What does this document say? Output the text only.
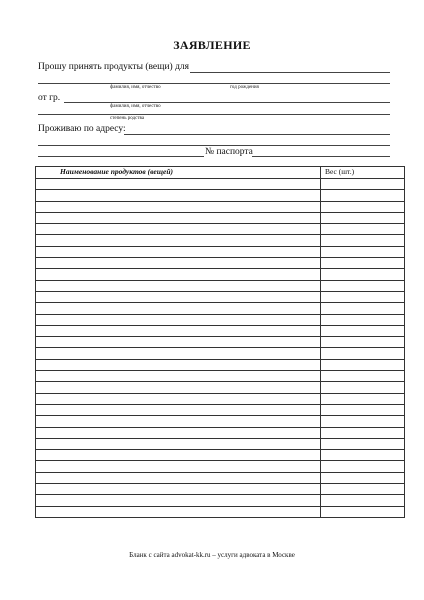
ЗАЯВЛЕНИЕ
Прошу принять продукты (вещи) для
фамилия, имя, отчество	год рождения
от гр.
фамилия, имя, отчество
степень родства
Проживаю по адресу:
№ паспорта
Наименование продуктов (вещей)	Вес (шт.)

Бланк с сайта advokat-kk.ru – услуги адвоката в Москве
